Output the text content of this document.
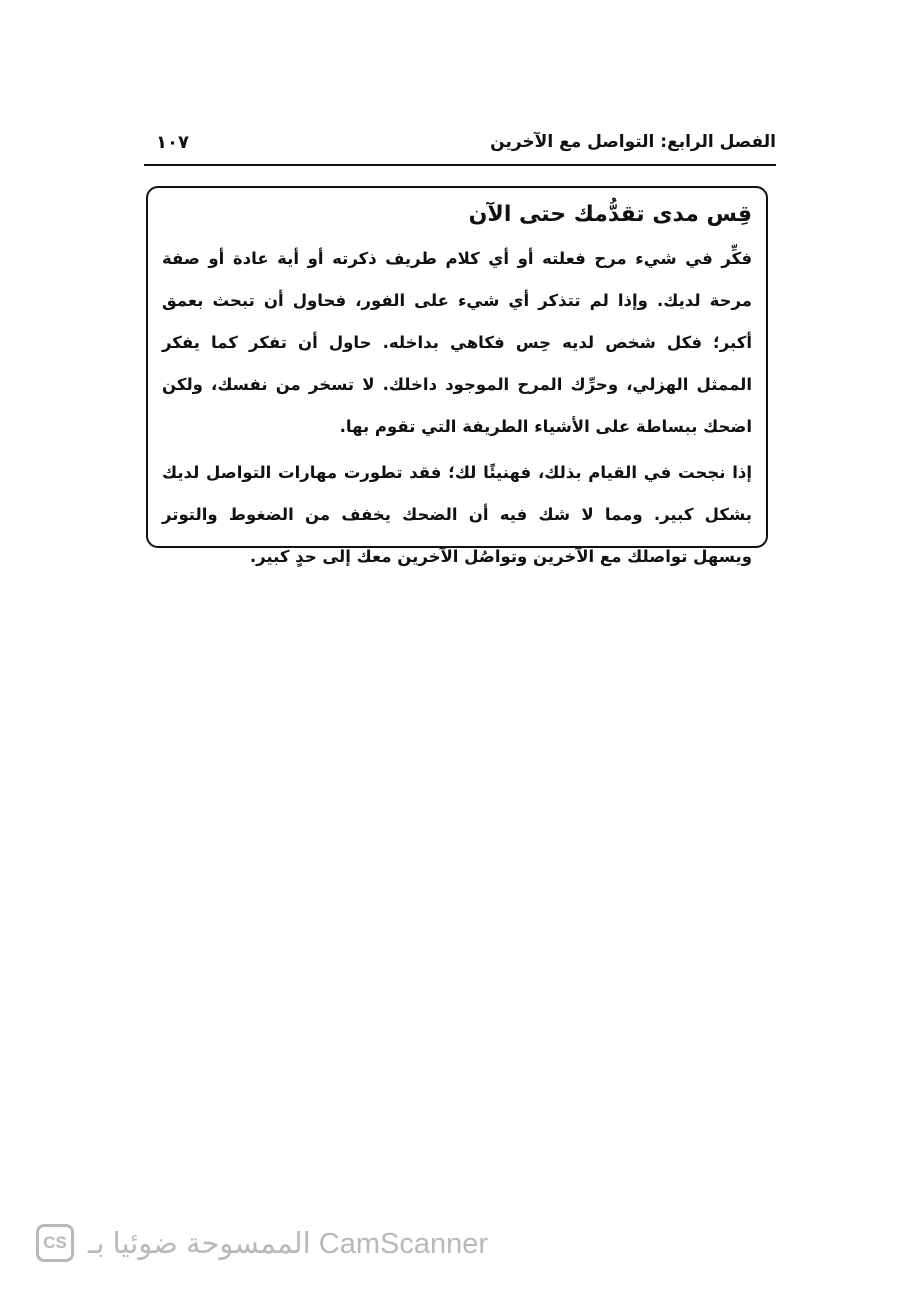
الفصل الرابع: التواصل مع الآخرين
١٠٧
قِس مدى تقدُّمك حتى الآن

فكِّر في شيء مرح فعلته أو أي كلام طريف ذكرته أو أية عادة أو صفة مرحة لديك. وإذا لم تتذكر أي شيء على الفور، فحاول أن تبحث بعمق أكبر؛ فكل شخص لديه حِس فكاهي بداخله. حاول أن تفكر كما يفكر الممثل الهزلي، وحرِّك المرح الموجود داخلك. لا تسخر من نفسك، ولكن اضحك ببساطة على الأشياء الطريفة التي تقوم بها.

إذا نجحت في القيام بذلك، فهنيئًا لك؛ فقد تطورت مهارات التواصل لديك بشكل كبير. ومما لا شك فيه أن الضحك يخفف من الضغوط والتوتر ويسهل تواصلك مع الآخرين وتواصُل الآخرين معك إلى حدٍ كبير.

CS الممسوحة ضوئيا بـ CamScanner
